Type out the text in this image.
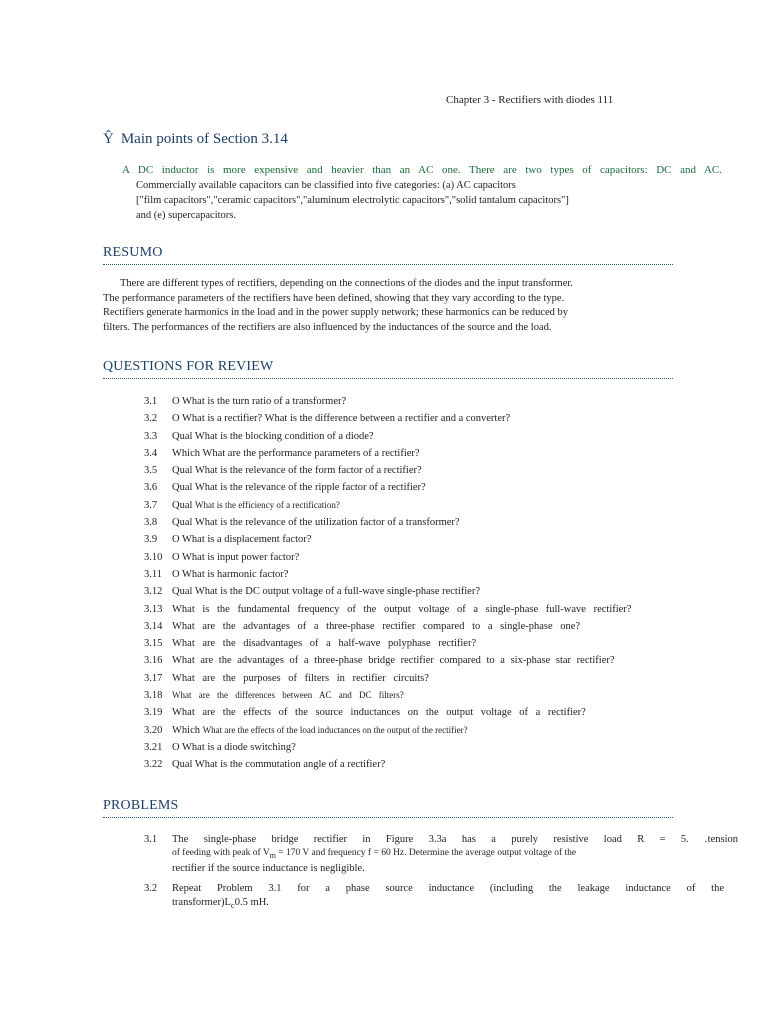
Chapter 3 - Rectifiers with diodes 111
Ŷ Main points of Section 3.14
A DC inductor is more expensive and heavier than an AC one. There are two types of capacitors: DC and AC.
Commercially available capacitors can be classified into five categories: (a) AC capacitors
["film capacitors","ceramic capacitors","aluminum electrolytic capacitors","solid tantalum capacitors"]
and (e) supercapacitors.
RESUMO
There are different types of rectifiers, depending on the connections of the diodes and the input transformer.
The performance parameters of the rectifiers have been defined, showing that they vary according to the type.
Rectifiers generate harmonics in the load and in the power supply network; these harmonics can be reduced by
filters. The performances of the rectifiers are also influenced by the inductances of the source and the load.
QUESTIONS FOR REVIEW
3.1 O What is the turn ratio of a transformer?
3.2 O What is a rectifier? What is the difference between a rectifier and a converter?
3.3 Qual What is the blocking condition of a diode?
3.4 Which What are the performance parameters of a rectifier?
3.5 Qual What is the relevance of the form factor of a rectifier?
3.6 Qual What is the relevance of the ripple factor of a rectifier?
3.7 Qual What is the efficiency of a rectification?
3.8 Qual What is the relevance of the utilization factor of a transformer?
3.9 O What is a displacement factor?
3.10 O What is input power factor?
3.11 O What is harmonic factor?
3.12 Qual What is the DC output voltage of a full-wave single-phase rectifier?
3.13 What is the fundamental frequency of the output voltage of a single-phase full-wave rectifier?
3.14 What are the advantages of a three-phase rectifier compared to a single-phase one?
3.15 What are the disadvantages of a half-wave polyphase rectifier?
3.16 What are the advantages of a three-phase bridge rectifier compared to a six-phase star rectifier?
3.17 What are the purposes of filters in rectifier circuits?
3.18 What are the differences between AC and DC filters?
3.19 What are the effects of the source inductances on the output voltage of a rectifier?
3.20 Which What are the effects of the load inductances on the output of the rectifier?
3.21 O What is a diode switching?
3.22 Qual What is the commutation angle of a rectifier?
PROBLEMS
3.1 The single-phase bridge rectifier in Figure 3.3a has a purely resistive load R = 5. ․tension
of feeding with peak of $V_m = 170$ V and frequency f = 60 Hz. Determine the average output voltage of the
rectifier if the source inductance is negligible.
3.2 Repeat Problem 3.1 for a phase source inductance (including the leakage inductance of the
$transformer)L_c0.5$ mH.
